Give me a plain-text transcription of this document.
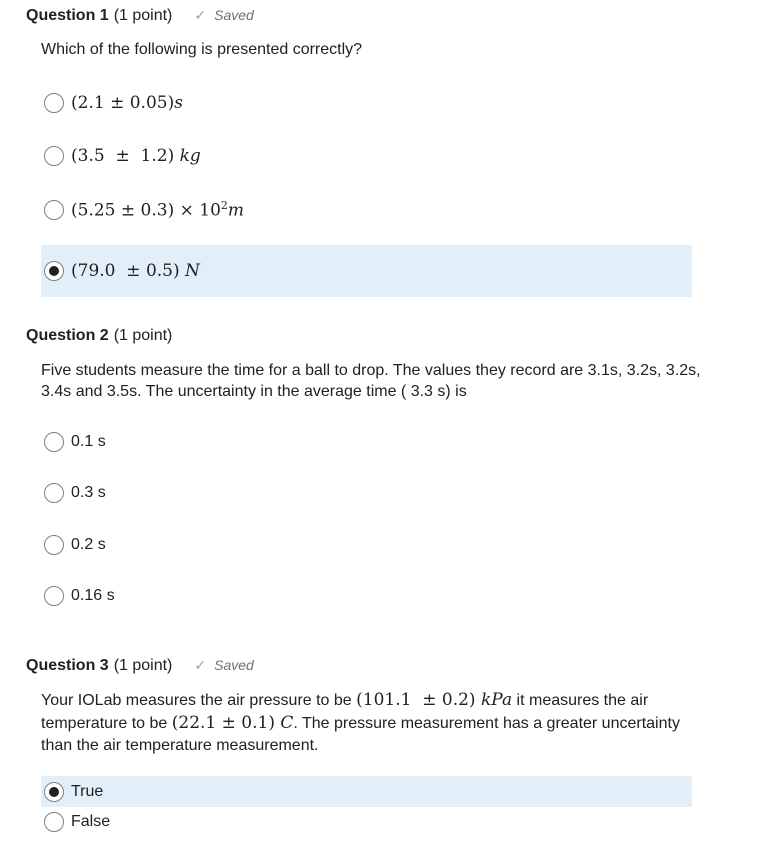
Question 1 (1 point) ✓ Saved
Which of the following is presented correctly?
(2.1 ± 0.05)s
(3.5  ±  1.2) kg
$(5.25 \pm 0.3) \times 10^2m$
(79.0  ± 0.5) N
Question 2 (1 point)
Five students measure the time for a ball to drop. The values they record are 3.1s, 3.2s, 3.2s, 3.4s and 3.5s. The uncertainty in the average time ( 3.3 s) is
0.1 s
0.3 s
0.2 s
0.16 s
Question 3 (1 point) ✓ Saved
Your IOLab measures the air pressure to be (101.1  ± 0.2) kPa it measures the air temperature to be (22.1 ± 0.1) C. The pressure measurement has a greater uncertainty than the air temperature measurement.
True
False
